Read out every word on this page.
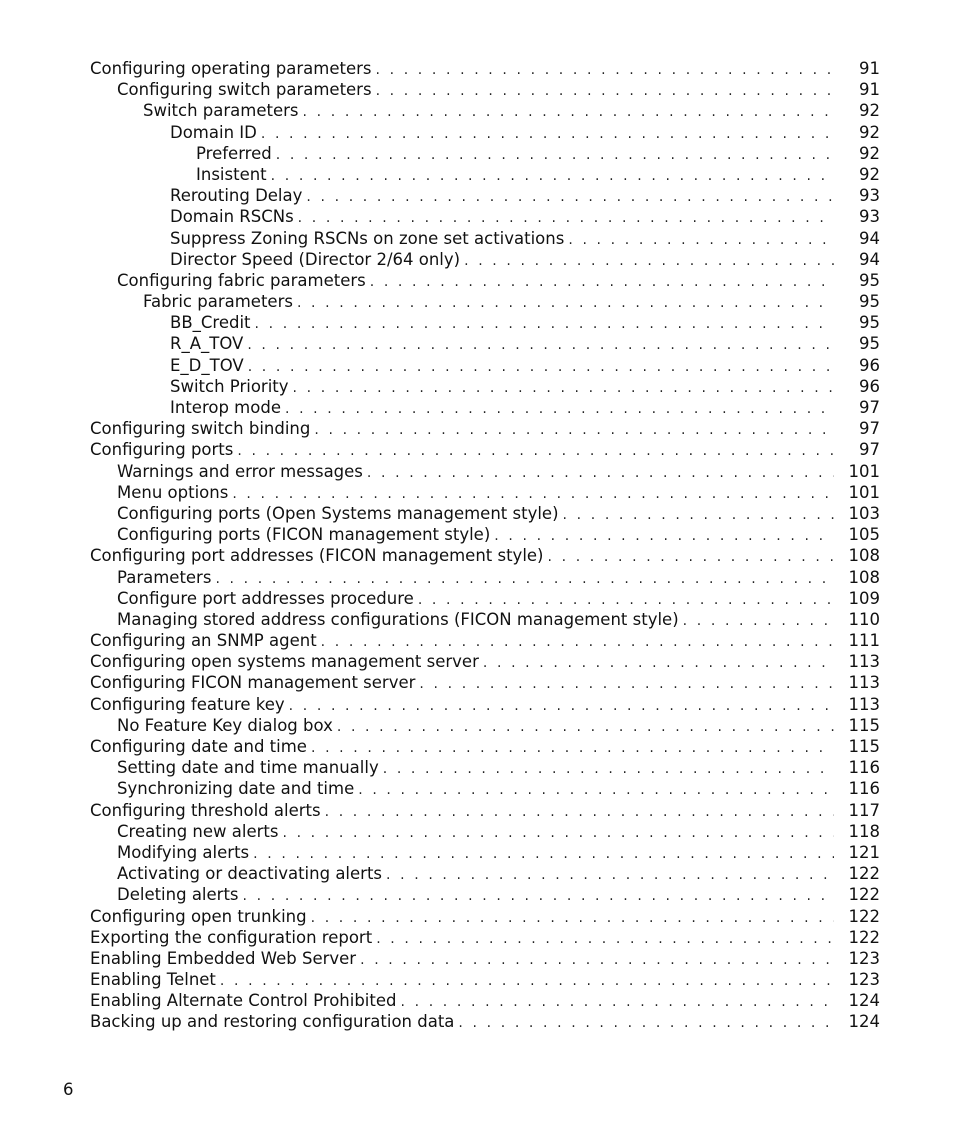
Configuring operating parameters . . .	91
Configuring switch parameters . . .	91
Switch parameters . . .	92
Domain ID . . .	92
Preferred . . .	92
Insistent . . .	92
Rerouting Delay . . .	93
Domain RSCNs . . .	93
Suppress Zoning RSCNs on zone set activations . . .	94
Director Speed (Director 2/64 only) . . .	94
Configuring fabric parameters . . .	95
Fabric parameters . . .	95
BB_Credit . . .	95
R_A_TOV . . .	95
E_D_TOV . . .	96
Switch Priority . . .	96
Interop mode . . .	97
Configuring switch binding . . .	97
Configuring ports . . .	97
Warnings and error messages . . .	101
Menu options . . .	101
Configuring ports (Open Systems management style) . . .	103
Configuring ports (FICON management style) . . .	105
Configuring port addresses (FICON management style) . . .	108
Parameters . . .	108
Configure port addresses procedure . . .	109
Managing stored address configurations (FICON management style) . . .	110
Configuring an SNMP agent . . .	111
Configuring open systems management server . . .	113
Configuring FICON management server . . .	113
Configuring feature key . . .	113
No Feature Key dialog box . . .	115
Configuring date and time . . .	115
Setting date and time manually . . .	116
Synchronizing date and time . . .	116
Configuring threshold alerts . . .	117
Creating new alerts . . .	118
Modifying alerts . . .	121
Activating or deactivating alerts . . .	122
Deleting alerts . . .	122
Configuring open trunking . . .	122
Exporting the configuration report . . .	122
Enabling Embedded Web Server . . .	123
Enabling Telnet . . .	123
Enabling Alternate Control Prohibited . . .	124
Backing up and restoring configuration data . . .	124
6
